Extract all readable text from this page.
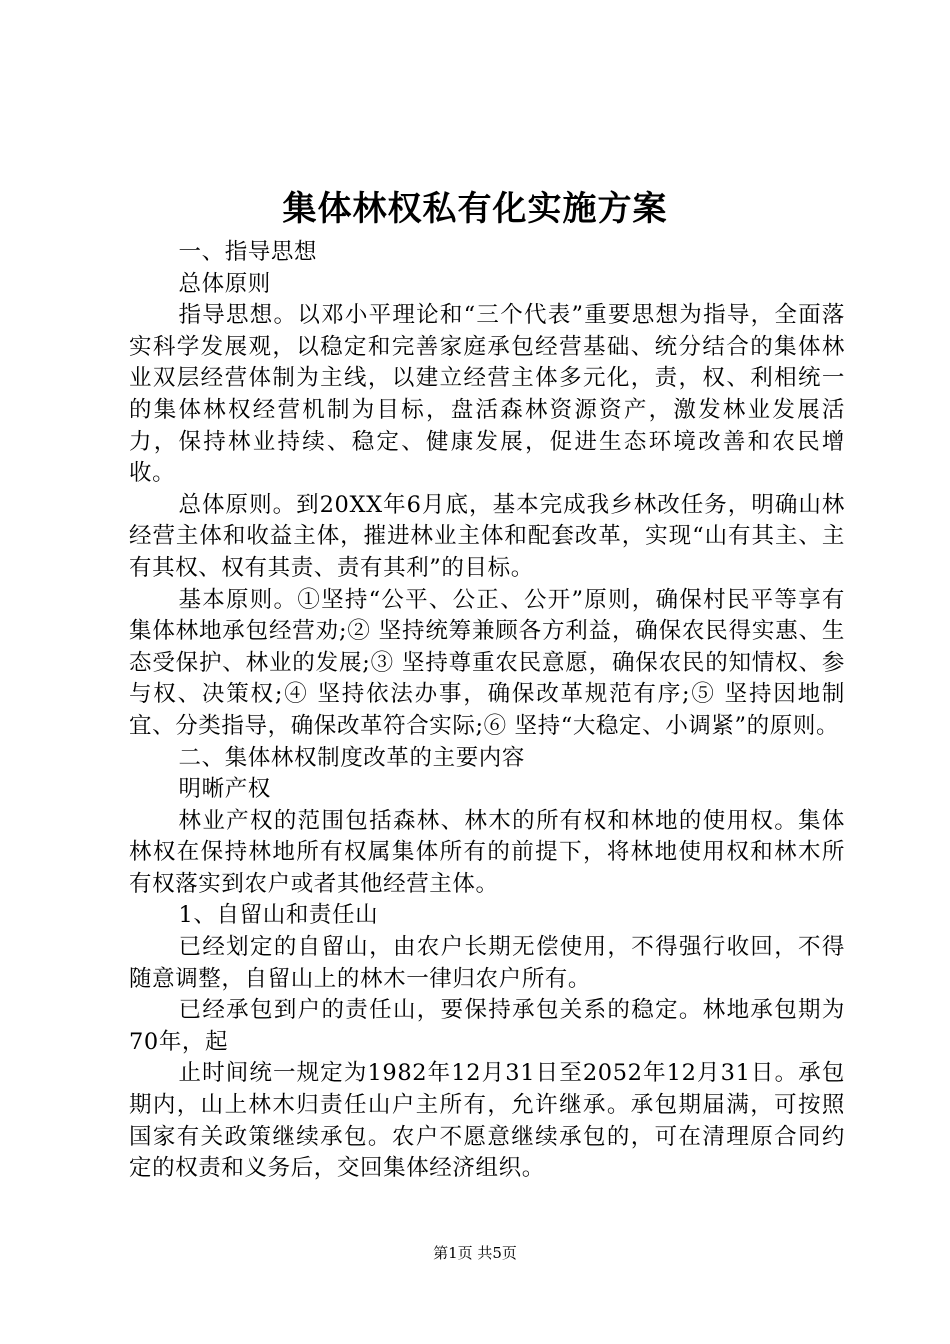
集体林权私有化实施方案

一、指导思想

总体原则

指导思想。以邓小平理论和“三个代表”重要思想为指导，全面落实科学发展观，以稳定和完善家庭承包经营基础、统分结合的集体林业双层经营体制为主线，以建立经营主体多元化，责，权、利相统一的集体林权经营机制为目标，盘活森林资源资产，激发林业发展活力，保持林业持续、稳定、健康发展，促进生态环境改善和农民增收。

总体原则。到20XX年6月底，基本完成我乡林改任务，明确山林经营主体和收益主体，摧进林业主体和配套改革，实现“山有其主、主有其权、权有其责、责有其利”的目标。

基本原则。①坚持“公平、公正、公开”原则，确保村民平等享有集体林地承包经营劝;② 坚持统筹兼顾各方利益，确保农民得实惠、生态受保护、林业的发展;③ 坚持尊重农民意愿，确保农民的知情权、参与权、决策权;④ 坚持依法办事，确保改革规范有序;⑤ 坚持因地制宜、分类指导，确保改革符合实际;⑥ 坚持“大稳定、小调紧”的原则。

二、集体林权制度改革的主要内容

明晰产权

林业产权的范围包括森林、林木的所有权和林地的使用权。集体林权在保持林地所有权属集体所有的前提下，将林地使用权和林木所有权落实到农户或者其他经营主体。

1、自留山和责任山

已经划定的自留山，由农户长期无偿使用，不得强行收回，不得随意调整，自留山上的林木一律归农户所有。

已经承包到户的责任山，要保持承包关系的稳定。林地承包期为70年，起

止时间统一规定为1982年12月31日至2052年12月31日。承包期内，山上林木归责任山户主所有，允许继承。承包期届满，可按照国家有关政策继续承包。农户不愿意继续承包的，可在清理原合同约定的权责和义务后，交回集体经济组织。

第1页 共5页
